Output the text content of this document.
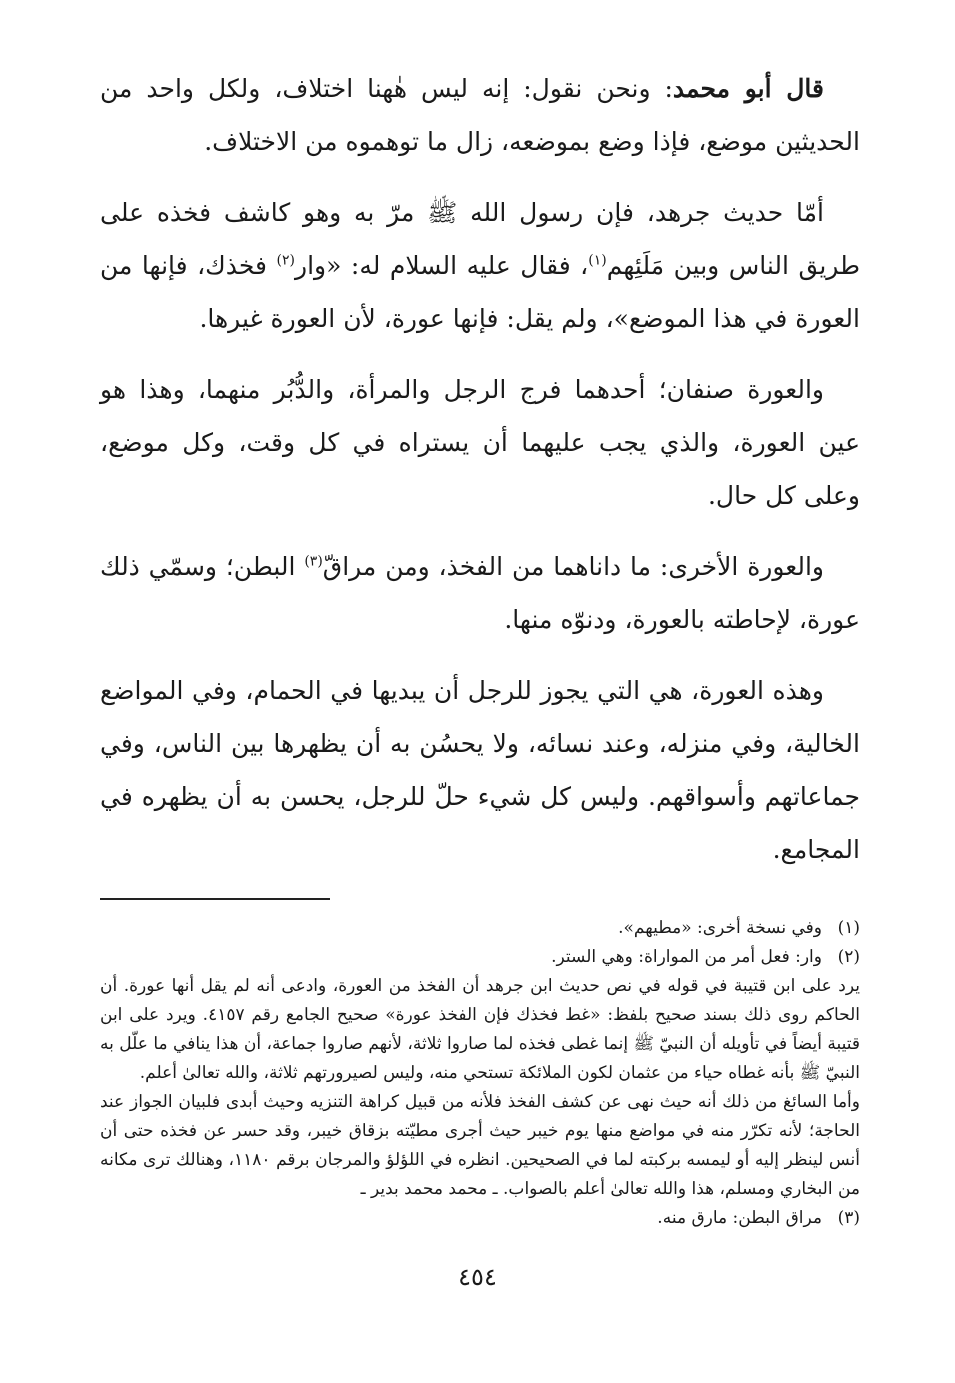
قال أبو محمد: ونحن نقول: إنه ليس هٰهنا اختلاف، ولكل واحد من الحديثين موضع، فإذا وضع بموضعه، زال ما توهموه من الاختلاف.

أمّا حديث جرهد، فإن رسول الله ﷺ مرّ به وهو كاشف فخذه على طريق الناس وبين مَلَئِهم$^{(١)}$، فقال عليه السلام له: «وار$^{(٢)}$ فخذك، فإنها من العورة في هذا الموضع»، ولم يقل: فإنها عورة، لأن العورة غيرها.

والعورة صنفان؛ أحدهما فرج الرجل والمرأة، والدُّبُر منهما، وهذا هو عين العورة، والذي يجب عليهما أن يستراه في كل وقت، وكل موضع، وعلى كل حال.

والعورة الأخرى: ما داناهما من الفخذ، ومن مراقّ$^{(٣)}$ البطن؛ وسمّي ذلك عورة، لإحاطته بالعورة، ودنوّه منها.

وهذه العورة، هي التي يجوز للرجل أن يبديها في الحمام، وفي المواضع الخالية، وفي منزله، وعند نسائه، ولا يحسُن به أن يظهرها بين الناس، وفي جماعاتهم وأسواقهم. وليس كل شيء حلّ للرجل، يحسن به أن يظهره في المجامع.

(١)
وفي نسخة أخرى: «مطيهم».
(٢)
وار: فعل أمر من المواراة: وهي الستر.

يرد على ابن قتيبة في قوله في نص حديث ابن جرهد أن الفخذ من العورة، وادعى أنه لم يقل أنها عورة. أن الحاكم روى ذلك بسند صحيح بلفظ: «غط فخذك فإن الفخذ عورة» صحيح الجامع رقم ٤١٥٧. ويرد على ابن قتيبة أيضاً في تأويله أن النبيّ ﷺ إنما غطى فخذه لما صاروا ثلاثة، لأنهم صاروا جماعة، أن هذا ينافي ما علّل به النبيّ ﷺ بأنه غطاه حياء من عثمان لكون الملائكة تستحي منه، وليس لصيرورتهم ثلاثة، والله تعالىٰ أعلم.

وأما السائغ من ذلك أنه حيث نهى عن كشف الفخذ فلأنه من قبيل كراهة التنزيه وحيث أبدى فلبيان الجواز عند الحاجة؛ لأنه تكرّر منه في مواضع منها يوم خيبر حيث أجرى مطيّته بزقاق خيبر، وقد حسر عن فخذه حتى أن أنس لينظر إليه أو ليمسه بركبته لما في الصحيحين. انظره في اللؤلؤ والمرجان برقم ١١٨٠، وهنالك ترى مكانه من البخاري ومسلم، هذا والله تعالىٰ أعلم بالصواب. ـ محمد محمد بدير ـ

(٣)
مراق البطن: مارق منه.
٤٥٤
